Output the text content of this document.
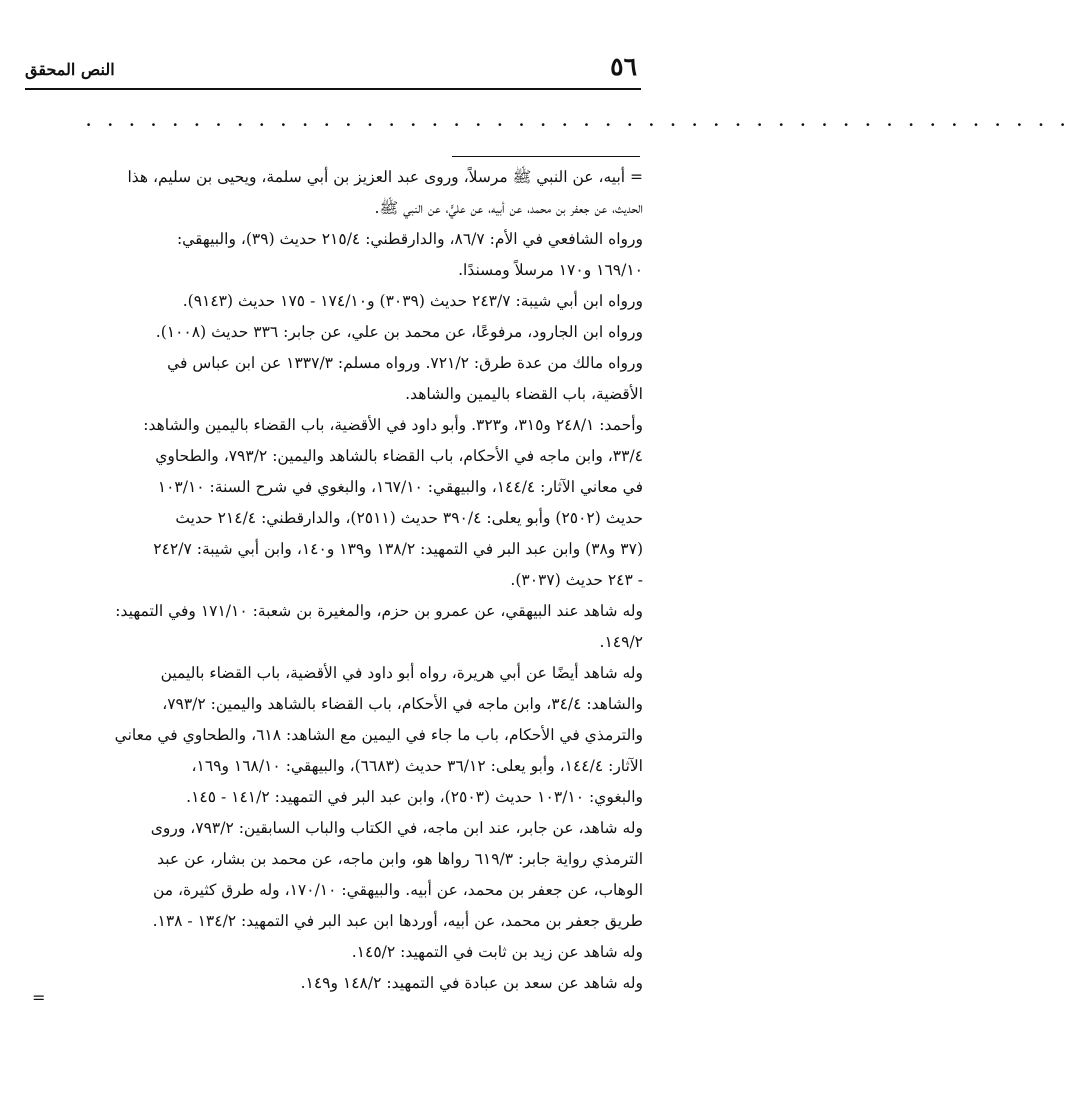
٥٦
النص المحقق
. . . . . . . . . . . . . . . . . . . . . . . . . . . . . . . . . . . . . . . . . . . . . .
= أبيه، عن النبي ﷺ مرسلاً، وروى عبد العزيز بن أبي سلمة، ويحيى بن سليم، هذا
الحديث، عن جعفر بن محمد، عن أبيه، عن عليٍّ، عن النبي ﷺ.
ورواه الشافعي في الأم: ٨٦/٧، والدارقطني: ٢١٥/٤ حديث (٣٩)، والبيهقي:
١٦٩/١٠ و١٧٠ مرسلاً ومسندًا.
ورواه ابن أبي شيبة: ٢٤٣/٧ حديث (٣٠٣٩) و١٧٤/١٠ - ١٧٥ حديث (٩١٤٣).
ورواه ابن الجارود، مرفوعًا، عن محمد بن علي، عن جابر: ٣٣٦ حديث (١٠٠٨).
ورواه مالك من عدة طرق: ٧٢١/٢. ورواه مسلم: ١٣٣٧/٣ عن ابن عباس في
الأقضية، باب القضاء باليمين والشاهد.
وأحمد: ٢٤٨/١ و٣١٥، و٣٢٣. وأبو داود في الأقضية، باب القضاء باليمين والشاهد:
٣٣/٤، وابن ماجه في الأحكام، باب القضاء بالشاهد واليمين: ٧٩٣/٢، والطحاوي
في معاني الآثار: ١٤٤/٤، والبيهقي: ١٦٧/١٠، والبغوي في شرح السنة: ١٠٣/١٠
حديث (٢٥٠٢) وأبو يعلى: ٣٩٠/٤ حديث (٢٥١١)، والدارقطني: ٢١٤/٤ حديث
(٣٧ و٣٨) وابن عبد البر في التمهيد: ١٣٨/٢ و١٣٩ و١٤٠، وابن أبي شيبة: ٢٤٢/٧
- ٢٤٣ حديث (٣٠٣٧).
وله شاهد عند البيهقي، عن عمرو بن حزم، والمغيرة بن شعبة: ١٧١/١٠ وفي التمهيد:
١٤٩/٢.
وله شاهد أيضًا عن أبي هريرة، رواه أبو داود في الأقضية، باب القضاء باليمين
والشاهد: ٣٤/٤، وابن ماجه في الأحكام، باب القضاء بالشاهد واليمين: ٧٩٣/٢،
والترمذي في الأحكام، باب ما جاء في اليمين مع الشاهد: ٦١٨، والطحاوي في معاني
الآثار: ١٤٤/٤، وأبو يعلى: ٣٦/١٢ حديث (٦٦٨٣)، والبيهقي: ١٦٨/١٠ و١٦٩،
والبغوي: ١٠٣/١٠ حديث (٢٥٠٣)، وابن عبد البر في التمهيد: ١٤١/٢ - ١٤٥.
وله شاهد، عن جابر، عند ابن ماجه، في الكتاب والباب السابقين: ٧٩٣/٢، وروى
الترمذي رواية جابر: ٦١٩/٣ رواها هو، وابن ماجه، عن محمد بن بشار، عن عبد
الوهاب، عن جعفر بن محمد، عن أبيه. والبيهقي: ١٧٠/١٠، وله طرق كثيرة، من
طريق جعفر بن محمد، عن أبيه، أوردها ابن عبد البر في التمهيد: ١٣٤/٢ - ١٣٨.
وله شاهد عن زيد بن ثابت في التمهيد: ١٤٥/٢.
وله شاهد عن سعد بن عبادة في التمهيد: ١٤٨/٢ و١٤٩.
=
